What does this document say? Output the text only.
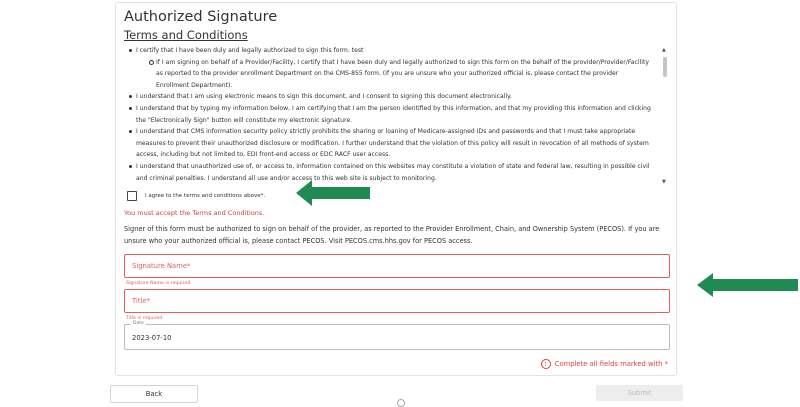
Authorized Signature
Terms and Conditions
I certify that I have been duly and legally authorized to sign this form. test
If I am signing on behalf of a Provider/Facility, I certify that I have been duly and legally authorized to sign this form on the behalf of the provider/Provider/Facility as reported to the provider enrollment Department on the CMS-855 form. (If you are unsure who your authorized official is, please contact the provider Enrollment Department).
I understand that I am using electronic means to sign this document, and I consent to signing this document electronically.
I understand that by typing my information below, I am certifying that I am the person identified by this information, and that my providing this information and clicking the "Electronically Sign" button will constitute my electronic signature.
I understand that CMS information security policy strictly prohibits the sharing or loaning of Medicare-assigned IDs and passwords and that I must take appropriate measures to prevent their unauthorized disclosure or modification. I further understand that the violation of this policy will result in revocation of all methods of system access, including but not limited to, EDI front-end access or EDC RACF user access.
I understand that unauthorized use of, or access to, information contained on this websites may constitute a violation of state and federal law, resulting in possible civil and criminal penalties. I understand all use and/or access to this web site is subject to monitoring.
▲
▼
I agree to the terms and conditions above*.
You must accept the Terms and Conditions.
Signer of this form must be authorized to sign on behalf of the provider, as reported to the Provider Enrollment, Chain, and Ownership System (PECOS). If you are unsure who your authorized official is, please contact PECOS. Visit PECOS.cms.hhs.gov for PECOS access.
Signature Name*
Signature Name is required.
Title*
Title is required.
Date
2023-07-10
!	Complete all fields marked with *
Back	Submit
